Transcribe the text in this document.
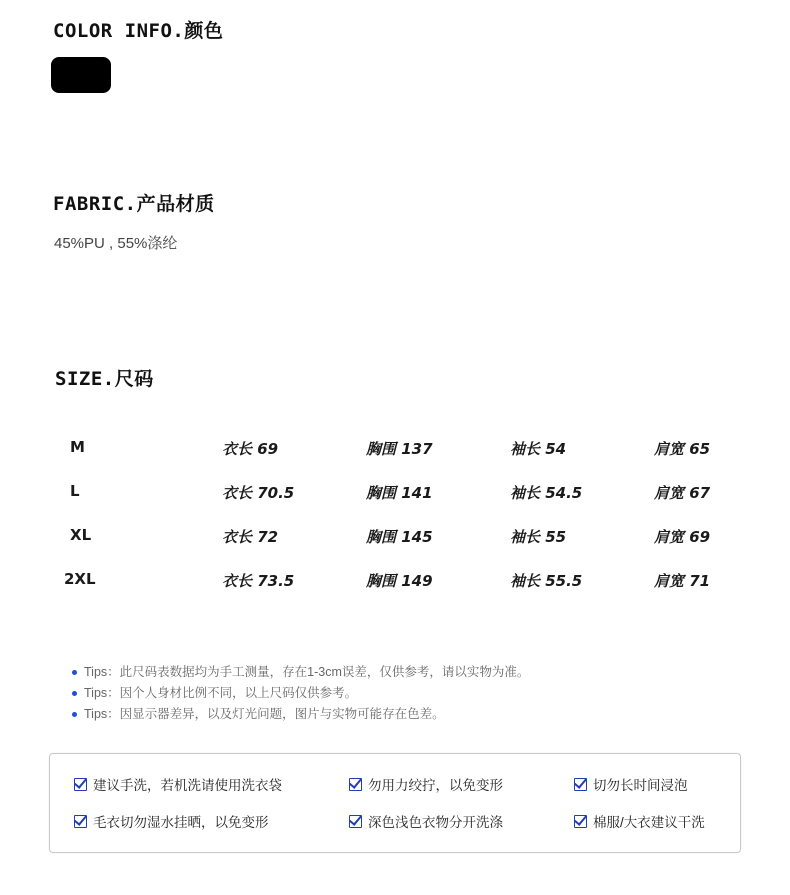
COLOR INFO.颜色
FABRIC.产品材质
45%PU , 55%涤纶
SIZE.尺码
M	衣长 69	胸围 137	袖长 54	肩宽 65
L	衣长 70.5	胸围 141	袖长 54.5	肩宽 67
XL	衣长 72	胸围 145	袖长 55	肩宽 69
2XL	衣长 73.5	胸围 149	袖长 55.5	肩宽 71
Tips：此尺码表数据均为手工测量，存在1-3cm误差，仅供参考，请以实物为准。
Tips：因个人身材比例不同，以上尺码仅供参考。
Tips：因显示器差异，以及灯光问题，图片与实物可能存在色差。
建议手洗，若机洗请使用洗衣袋	勿用力绞拧，以免变形	切勿长时间浸泡
毛衣切勿湿水挂晒，以免变形	深色浅色衣物分开洗涤	棉服/大衣建议干洗
